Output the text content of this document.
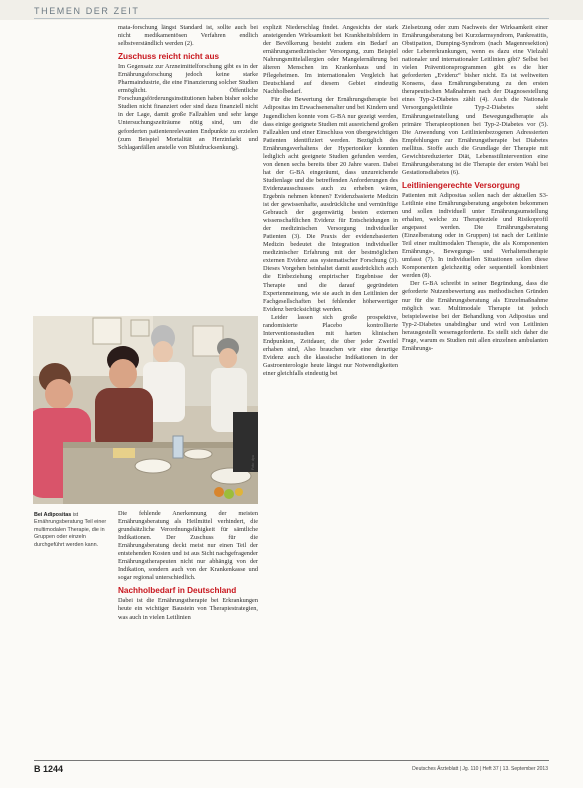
THEMEN DER ZEIT

mata-forschung längst Standard ist, sollte auch bei nicht medikamentösen Verfahren endlich selbstverständlich werden (2).

Zuschuss reicht nicht aus

Im Gegensatz zur Arzneimittelforschung gibt es in der Ernährungsforschung jedoch keine starke Pharmaindustrie, die eine Finanzierung solcher Studien ermöglicht. Öffentliche Forschungsförderungsinstitutionen haben bisher solche Studien nicht finanziert oder sind dazu finanziell nicht in der Lage, damit große Fallzahlen und sehr lange Untersuchungszeiträume nötig sind, um die geforderten patientenrelevanten Endpunkte zu erzielen (zum Beispiel Mortalität an Herzinfarkt und Schlaganfällen anstelle von Blutdrucksenkung).

Foto: dpa
Bei Adipositas ist Ernährungsberatung Teil einer multimodalen Therapie, die in Gruppen oder einzeln durchgeführt werden kann.

Die fehlende Anerkennung der meisten Ernährungsberatung als Heilmittel verhindert, die grundsätzliche Verordnungsfähigkeit für sämtliche Indikationen. Der Zuschuss für die Ernährungsberatung deckt meist nur einen Teil der entstehenden Kosten und ist aus Sicht nachgefragender Ernährungstherapeuten nicht nur abhängig von der Indikation, sondern auch von der Krankenkasse und sogar regional unterschiedlich.

Nachholbedarf in Deutschland

Dabei ist die Ernährungstherapie bei Erkrankungen heute ein wichtiger Baustein von Therapiestrategien, was auch in vielen Leitlinien

explizit Niederschlag findet. Angesichts der stark ansteigenden Wirksamkeit bei Krankheitsbildern in der Bevölkerung besteht zudem ein Bedarf an ernährungsmedizinischer Versorgung, zum Beispiel Nahrungsmittelallergien oder Mangelernährung bei älteren Menschen im Krankenhaus und in Pflegeheimen. Im internationalen Vergleich hat Deutschland auf diesem Gebiet eindeutig Nachholbedarf.

Für die Bewertung der Ernährungstherapie bei Adipositas im Erwachsenenalter und bei Kindern und Jugendlichen konnte vom G-BA nur gezeigt werden, dass einige geeignete Studien mit ausreichend großen Fallzahlen und einer Einschluss von übergewichtigen Patienten identifiziert werden. Bezüglich des Ernährungsverhaltens der Hypertoniker konnten lediglich acht geeignete Studien gefunden werden, von denen sechs bereits über 20 Jahre waren. Dabei hat der G-BA eingeräumt, dass unzureichende Studienlage und die betreffenden Anforderungen des Evidenzausschusses auch zu erheben wären, Ergebnis nehmen können? Evidenzbasierte Medizin ist der gewissenhafte, ausdrückliche und vernünftige Gebrauch der gegenwärtig besten externen wissenschaftlichen Evidenz für Entscheidungen in der medizinischen Versorgung individueller Patienten (3). Die Praxis der evidenzbasierten Medizin bedeutet die Integration individueller medizinischer Erfahrung mit der bestmöglichen externen Evidenz aus systematischer Forschung (3). Dieses Vorgehen beinhaltet damit ausdrücklich auch die Einbeziehung empirischer Ergebnisse der Therapie und die darauf gegründeten Expertenmeinung, wie sie auch in den Leitlinien der Fachgesellschaften bei fehlender höherwertiger Evidenz berücksichtigt werden.

Leider lassen sich große prospektive, randomisierte Placebo kontrollierte Interventionsstudien mit harten klinischen Endpunkten, Zeitdauer, die über jeder Zweifel erhaben sind, Also brauchen wir eine derartige Evidenz auch die klassische Indikationen in der Gastroenterologie heute längst nur Notwendigkeiten einer gleichfalls eindeutig bei

Zielsetzung oder zum Nachweis der Wirksamkeit einer Ernährungsberatung bei Kurzdarmsyndrom, Pankreatitis, Obstipation, Dumping-Syndrom (nach Magenresektion) oder Lebererkrankungen, wenn es dazu eine Vielzahl nationaler und internationaler Leitlinien gibt? Selbst bei vielen Präventionsprogrammen gibt es die hier geforderten „Evidenz“ bisher nicht. Es ist weltweiten Konsens, dass Ernährungsberatung zu den ersten therapeutischen Maßnahmen nach der Diagnosestellung eines Typ-2-Diabetes zählt (4). Auch die Nationale Versorgungsleitlinie Typ-2-Diabetes sieht Ernährungseinstellung und Bewegungsdherapie als primäre Therapieoptionen bei Typ-2-Diabetes vor (5). Die Anwendung von Leitlinienbezogenen Adressierten Empfehlungen zur Ernährungstherapie bei Diabetes mellitus. Stoffe auch die Grundlage der Therapie mit Gewichtsreduzierter Diät, Lebensstilintervention eine Ernährungsberatung ist die Therapie der ersten Wahl bei Gestationsdiabetes (6).

Leitliniengerechte Versorgung

Patienten mit Adipositas sollen nach der aktuellen S3-Leitlinie eine Ernährungsberatung angeboten bekommen und sollen individuell unter Ernährungsumstellung erhalten, welche zu Therapieziele und Risikoprofil angepasst werden. Die Ernährungsberatung (Einzelberatung oder in Gruppen) ist nach der Leitlinie Teil einer multimodalen Therapie, die als Komponenten Ernährungs-, Bewegungs- und Verhaltenstherapie umfasst (7). In individuellen Situationen sollen diese Komponenten gleichzeitig oder sequentiell kombiniert werden (8).

Der G-BA schreibt in seiner Begründung, dass die geforderte Nutzenbewertung aus methodischen Gründen nur für die Ernährungsberatung als Einzelmaßnahme möglich war. Multimodale Therapie ist jedoch beispielsweise bei der Behandlung von Adipositas und Typ-2-Diabetes unabdingbar und wird von Leitlinien herausgestellt wesensgeforderte. Es stellt sich daher die Frage, warum es Studien mit allen einzelnen ambulanten Ernährungs-

B 1244	Deutsches Ärzteblatt | Jg. 110 | Heft 37 | 13. September 2013
